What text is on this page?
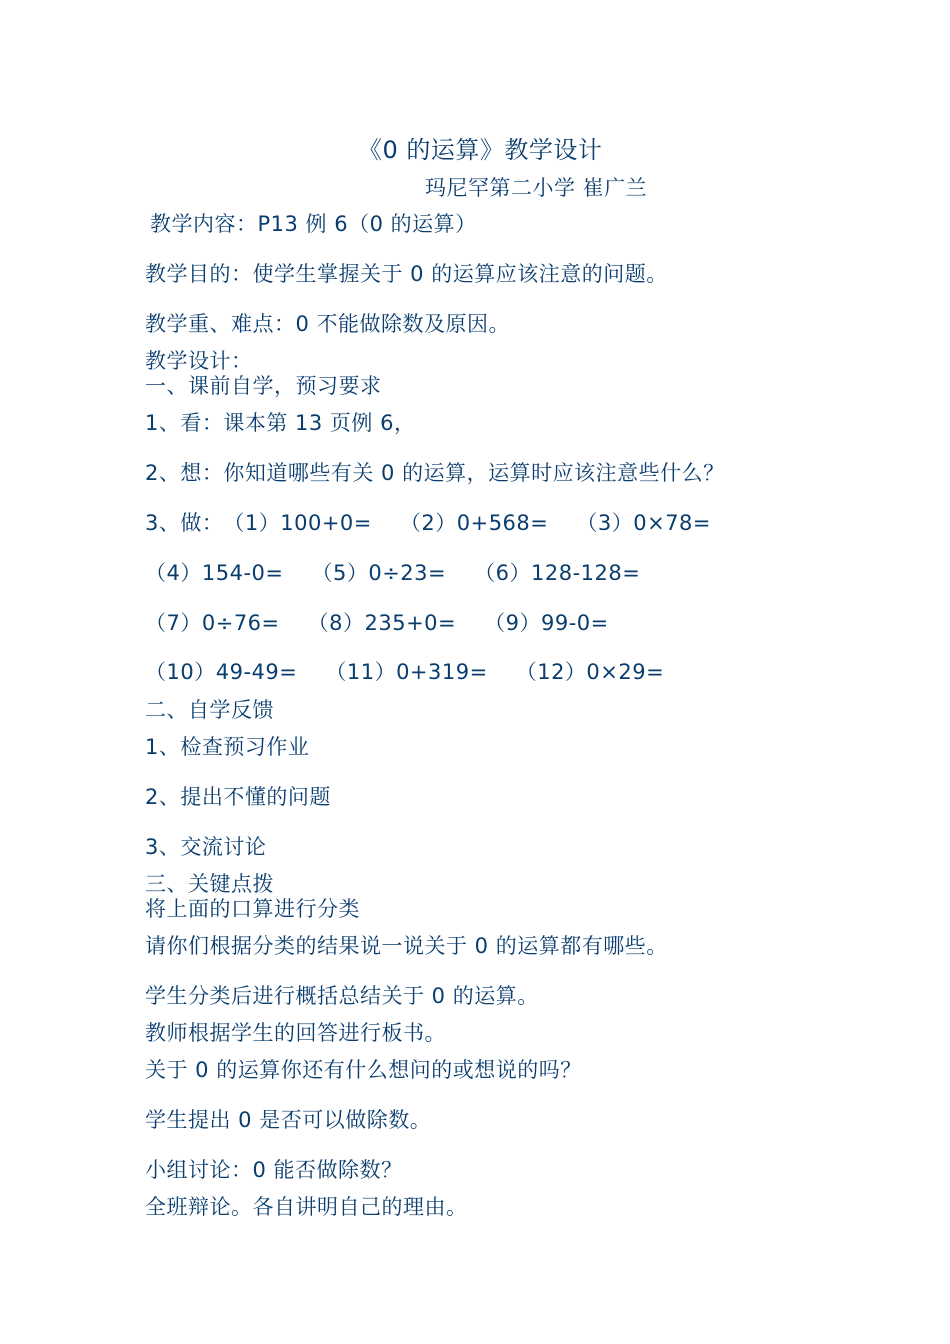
《0 的运算》教学设计
玛尼罕第二小学 崔广兰
教学内容：P13 例 6（0 的运算）
教学目的：使学生掌握关于 0 的运算应该注意的问题。
教学重、难点：0 不能做除数及原因。
教学设计：
一、课前自学，预习要求
1、看：课本第 13 页例 6，
2、想：你知道哪些有关 0 的运算，运算时应该注意些什么？
3、做：（1）100+0= （2）0+568= （3）0×78=
（4）154-0= （5）0÷23= （6）128-128=
（7）0÷76= （8）235+0= （9）99-0=
（10）49-49= （11）0+319= （12）0×29=
二、自学反馈
1、检查预习作业
2、提出不懂的问题
3、交流讨论
三、关键点拨
将上面的口算进行分类
请你们根据分类的结果说一说关于 0 的运算都有哪些。
学生分类后进行概括总结关于 0 的运算。
教师根据学生的回答进行板书。
关于 0 的运算你还有什么想问的或想说的吗？
学生提出 0 是否可以做除数。
小组讨论：0 能否做除数？
全班辩论。各自讲明自己的理由。
